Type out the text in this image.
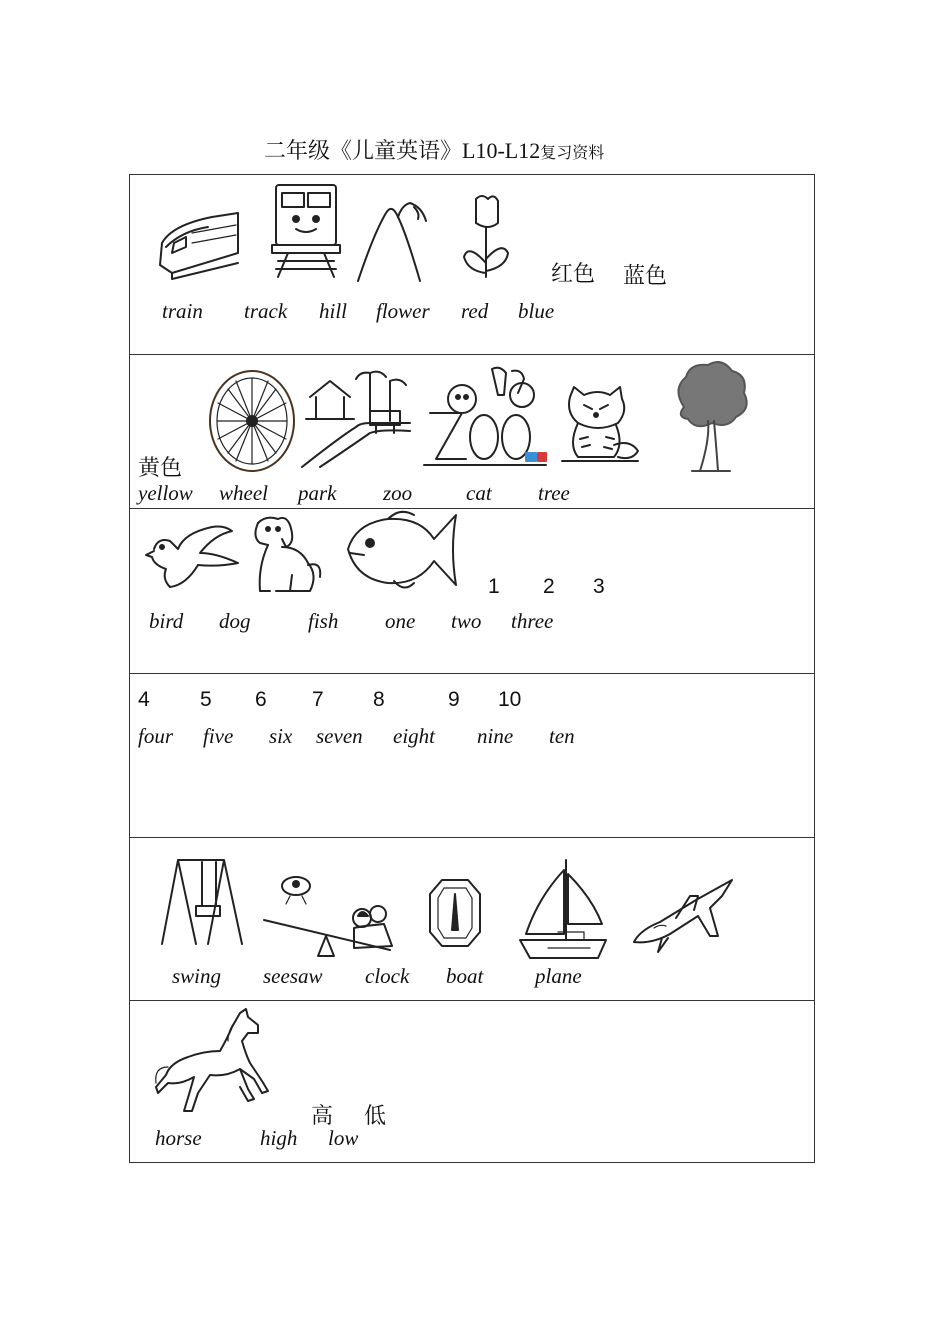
二年级《儿童英语》L10-L12复习资料
红色 蓝色
train track hill flower red blue
黄色
yellow wheel park zoo	cat tree
1 2 3
bird dog	fish one two three
4 5 6 7 8	9 10
four five six seven eight nine ten
swing seesaw clock boat plane
高 低
horse	high low
